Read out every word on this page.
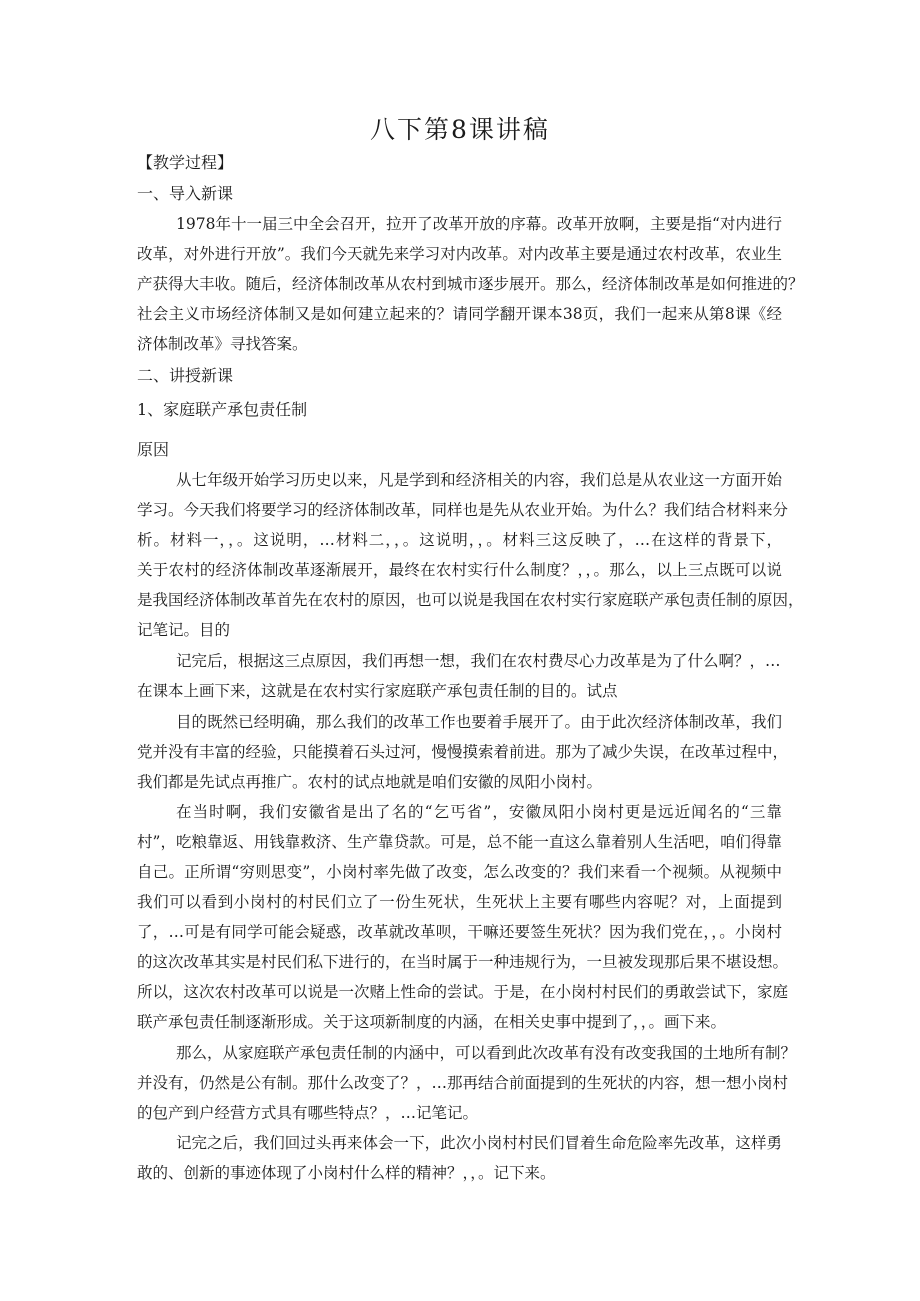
八下第8课讲稿
【教学过程】
一、导入新课
1978年十一届三中全会召开，拉开了改革开放的序幕。改革开放啊，主要是指“对内进行
改革，对外进行开放”。我们今天就先来学习对内改革。对内改革主要是通过农村改革，农业生
产获得大丰收。随后，经济体制改革从农村到城市逐步展开。那么，经济体制改革是如何推进的？
社会主义市场经济体制又是如何建立起来的？请同学翻开课本38页，我们一起来从第8课《经
济体制改革》寻找答案。
二、讲授新课
1、家庭联产承包责任制
原因
从七年级开始学习历史以来，凡是学到和经济相关的内容，我们总是从农业这一方面开始
学习。今天我们将要学习的经济体制改革，同样也是先从农业开始。为什么？我们结合材料来分
析。材料一，，。这说明，…材料二，，。这说明，，。材料三这反映了，…在这样的背景下，
关于农村的经济体制改革逐渐展开，最终在农村实行什么制度？，，。那么，以上三点既可以说
是我国经济体制改革首先在农村的原因，也可以说是我国在农村实行家庭联产承包责任制的原因，
记笔记。目的
记完后，根据这三点原因，我们再想一想，我们在农村费尽心力改革是为了什么啊？，…
在课本上画下来，这就是在农村实行家庭联产承包责任制的目的。试点
目的既然已经明确，那么我们的改革工作也要着手展开了。由于此次经济体制改革，我们
党并没有丰富的经验，只能摸着石头过河，慢慢摸索着前进。那为了减少失误，在改革过程中，
我们都是先试点再推广。农村的试点地就是咱们安徽的凤阳小岗村。
在当时啊，我们安徽省是出了名的“乞丐省”，安徽凤阳小岗村更是远近闻名的“三靠
村”，吃粮靠返、用钱靠救济、生产靠贷款。可是，总不能一直这么靠着别人生活吧，咱们得靠
自己。正所谓“穷则思变”，小岗村率先做了改变，怎么改变的？我们来看一个视频。从视频中
我们可以看到小岗村的村民们立了一份生死状，生死状上主要有哪些内容呢？对，上面提到
了，…可是有同学可能会疑惑，改革就改革呗，干嘛还要签生死状？因为我们党在，，。小岗村
的这次改革其实是村民们私下进行的，在当时属于一种违规行为，一旦被发现那后果不堪设想。
所以，这次农村改革可以说是一次赌上性命的尝试。于是，在小岗村村民们的勇敢尝试下，家庭
联产承包责任制逐渐形成。关于这项新制度的内涵，在相关史事中提到了，，。画下来。
那么，从家庭联产承包责任制的内涵中，可以看到此次改革有没有改变我国的土地所有制？
并没有，仍然是公有制。那什么改变了？，…那再结合前面提到的生死状的内容，想一想小岗村
的包产到户经营方式具有哪些特点？，…记笔记。
记完之后，我们回过头再来体会一下，此次小岗村村民们冒着生命危险率先改革，这样勇
敢的、创新的事迹体现了小岗村什么样的精神？，，。记下来。
